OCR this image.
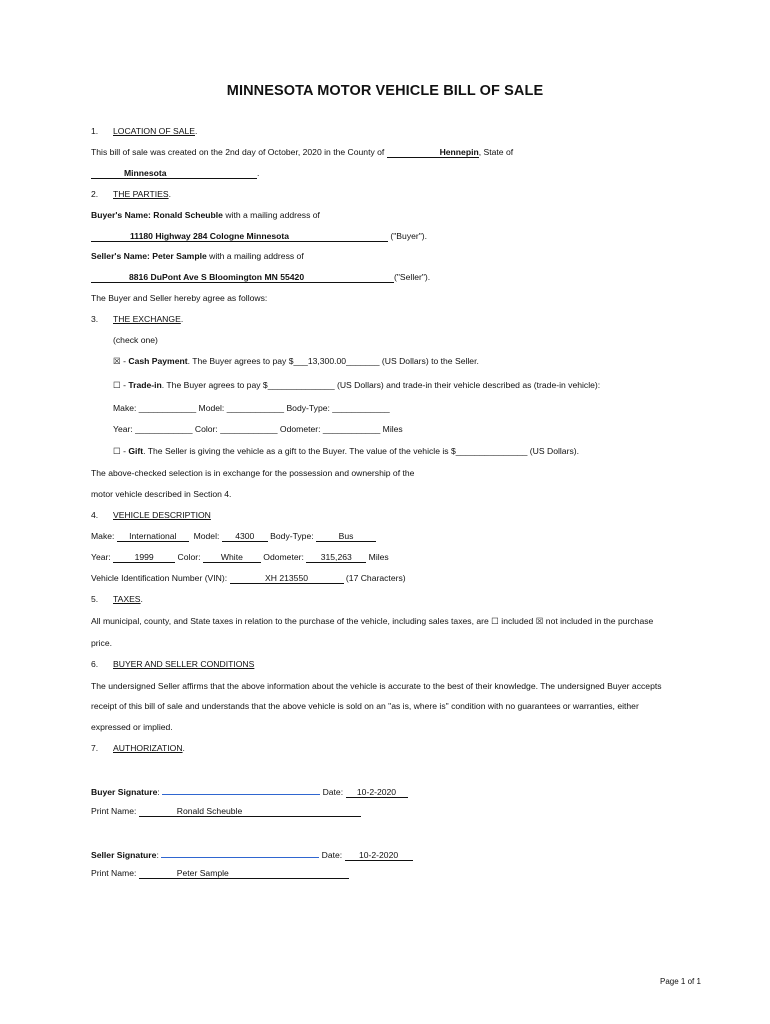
MINNESOTA MOTOR VEHICLE BILL OF SALE
1. LOCATION OF SALE.
This bill of sale was created on the 2nd day of October, 2020 in the County of	Hennepin, State of
Minnesota	.
2. THE PARTIES.
Buyer's Name: Ronald Scheuble with a mailing address of
11180 Highway 284 Cologne Minnesota	("Buyer").
Seller's Name: Peter Sample with a mailing address of
8816 DuPont Ave S Bloomington MN 55420	("Seller").
The Buyer and Seller hereby agree as follows:
3. THE EXCHANGE.
(check one)
☒ - Cash Payment. The Buyer agrees to pay $___13,300.00_______ (US Dollars) to the Seller.
☐ - Trade-in. The Buyer agrees to pay $______________ (US Dollars) and trade-in their vehicle described as (trade-in vehicle):
Make: ____________ Model: ____________ Body-Type: ____________
Year: ____________ Color: ____________ Odometer: ____________ Miles
☐ - Gift. The Seller is giving the vehicle as a gift to the Buyer. The value of the vehicle is $_______________ (US Dollars).
The above-checked selection is in exchange for the possession and ownership of the
motor vehicle described in Section 4.
4. VEHICLE DESCRIPTION
Make: International Model: 4300 Body-Type:	Bus
Year:	1999	Color: White Odometer: 315,263 Miles
Vehicle Identification Number (VIN):	XH 213550	(17 Characters)
5. TAXES.
All municipal, county, and State taxes in relation to the purchase of the vehicle, including sales taxes, are ☐ included ☒ not included in the purchase
price.
6. BUYER AND SELLER CONDITIONS
The undersigned Seller affirms that the above information about the vehicle is accurate to the best of their knowledge. The undersigned Buyer accepts
receipt of this bill of sale and understands that the above vehicle is sold on an "as is, where is" condition with no guarantees or warranties, either
expressed or implied.
7. AUTHORIZATION.
Buyer Signature:	Date: 10-2-2020
Print Name:	Ronald Scheuble
Seller Signature:	Date: 10-2-2020
Print Name:	Peter Sample
Page 1 of 1
